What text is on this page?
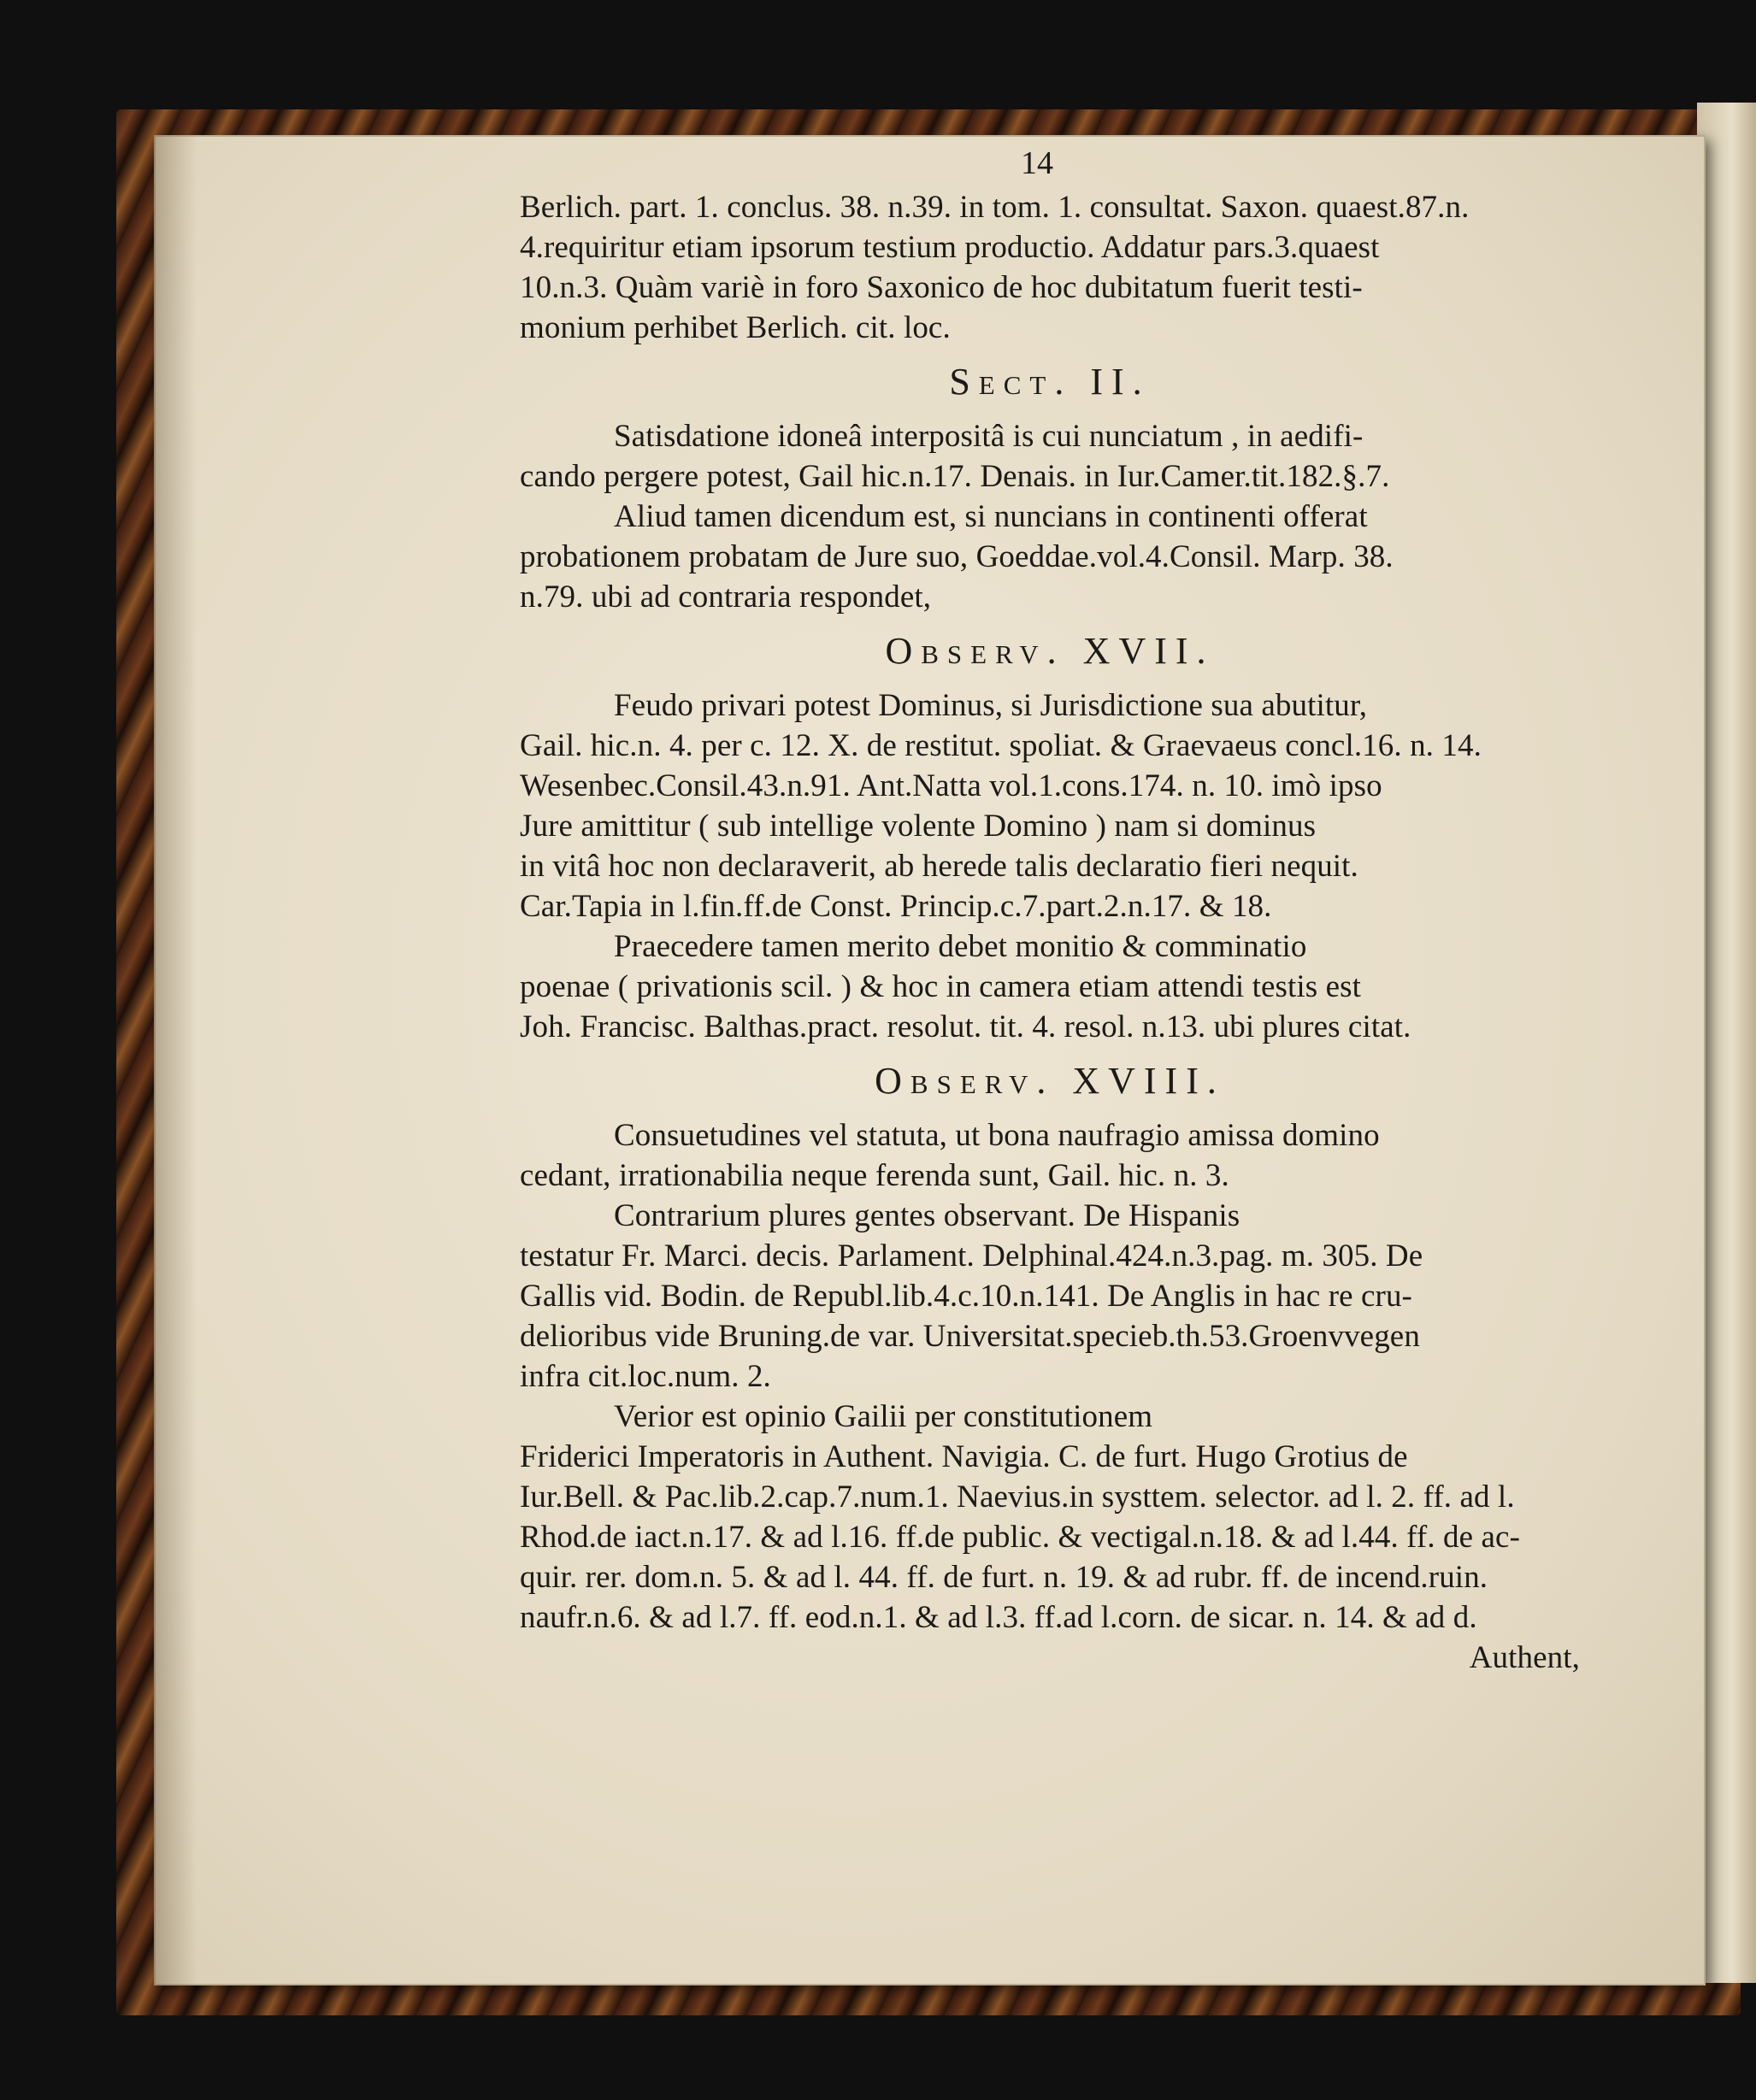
14
Berlich. part. 1. conclus. 38. n.39. in tom. 1. consultat. Saxon. quaest.87.n.
4.requiritur etiam ipsorum testium productio. Addatur pars.3.quaest
10.n.3. Quàm variè in foro Saxonico de hoc dubitatum fuerit testi-
monium perhibet Berlich. cit. loc.
Sect. II.
Satisdatione idoneâ interpositâ is cui nunciatum , in aedifi-
cando pergere potest, Gail hic.n.17. Denais. in Iur.Camer.tit.182.§.7.
Aliud tamen dicendum est, si nuncians in continenti offerat
probationem probatam de Jure suo, Goeddae.vol.4.Consil. Marp. 38.
n.79. ubi ad contraria respondet,
Observ. XVII.
Feudo privari potest Dominus, si Jurisdictione sua abutitur,
Gail. hic.n. 4. per c. 12. X. de restitut. spoliat. & Graevaeus concl.16. n. 14.
Wesenbec.Consil.43.n.91. Ant.Natta vol.1.cons.174. n. 10. imò ipso
Jure amittitur ( sub intellige volente Domino ) nam si dominus
in vitâ hoc non declaraverit, ab herede talis declaratio fieri nequit.
Car.Tapia in l.fin.ff.de Const. Princip.c.7.part.2.n.17. & 18.
Praecedere tamen merito debet monitio & comminatio
poenae ( privationis scil. ) & hoc in camera etiam attendi testis est
Joh. Francisc. Balthas.pract. resolut. tit. 4. resol. n.13. ubi plures citat.
Observ. XVIII.
Consuetudines vel statuta, ut bona naufragio amissa domino
cedant, irrationabilia neque ferenda sunt, Gail. hic. n. 3.
Contrarium plures gentes observant. De Hispanis
testatur Fr. Marci. decis. Parlament. Delphinal.424.n.3.pag. m. 305. De
Gallis vid. Bodin. de Republ.lib.4.c.10.n.141. De Anglis in hac re cru-
delioribus vide Bruning.de var. Universitat.specieb.th.53.Groenvvegen
infra cit.loc.num. 2.
Verior est opinio Gailii per constitutionem
Friderici Imperatoris in Authent. Navigia. C. de furt. Hugo Grotius de
Iur.Bell. & Pac.lib.2.cap.7.num.1. Naevius.in systtem. selector. ad l. 2. ff. ad l.
Rhod.de iact.n.17. & ad l.16. ff.de public. & vectigal.n.18. & ad l.44. ff. de ac-
quir. rer. dom.n. 5. & ad l. 44. ff. de furt. n. 19. & ad rubr. ff. de incend.ruin.
naufr.n.6. & ad l.7. ff. eod.n.1. & ad l.3. ff.ad l.corn. de sicar. n. 14. & ad d.
Authent,
